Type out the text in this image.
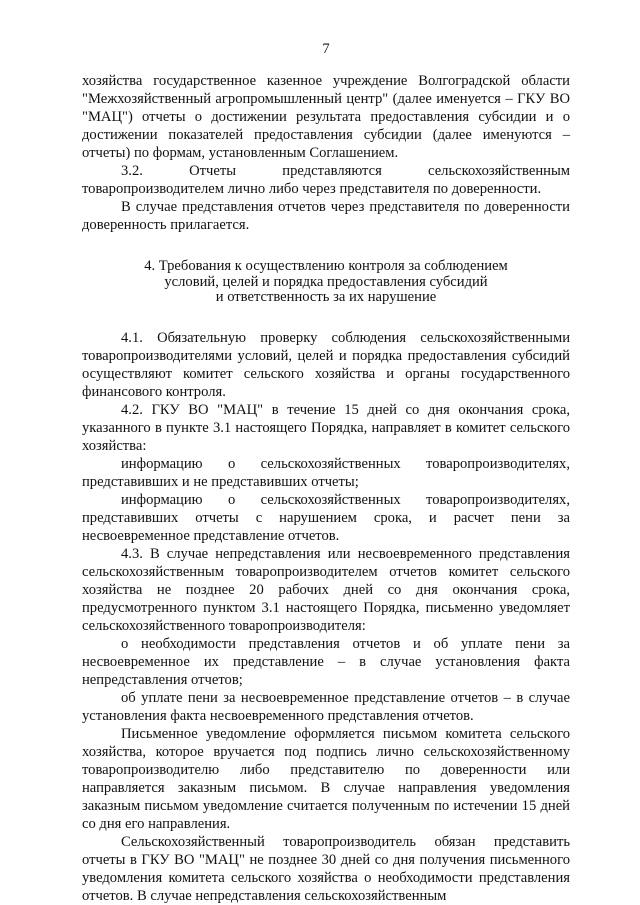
7

хозяйства государственное казенное учреждение Волгоградской области "Межхозяйственный агропромышленный центр" (далее именуется – ГКУ ВО "МАЦ") отчеты о достижении результата предоставления субсидии и о достижении показателей предоставления субсидии (далее именуются – отчеты) по формам, установленным Соглашением.

3.2. Отчеты представляются сельскохозяйственным товаропроизводителем лично либо через представителя по доверенности.

В случае представления отчетов через представителя по доверенности доверенность прилагается.

4. Требования к осуществлению контроля за соблюдением
условий, целей и порядка предоставления субсидий
и ответственность за их нарушение

4.1. Обязательную проверку соблюдения сельскохозяйственными товаропроизводителями условий, целей и порядка предоставления субсидий осуществляют комитет сельского хозяйства и органы государственного финансового контроля.

4.2. ГКУ ВО "МАЦ" в течение 15 дней со дня окончания срока, указанного в пункте 3.1 настоящего Порядка, направляет в комитет сельского хозяйства:

информацию о сельскохозяйственных товаропроизводителях, представивших и не представивших отчеты;

информацию о сельскохозяйственных товаропроизводителях, представивших отчеты с нарушением срока, и расчет пени за несвоевременное представление отчетов.

4.3. В случае непредставления или несвоевременного представления сельскохозяйственным товаропроизводителем отчетов комитет сельского хозяйства не позднее 20 рабочих дней со дня окончания срока, предусмотренного пунктом 3.1 настоящего Порядка, письменно уведомляет сельскохозяйственного товаропроизводителя:

о необходимости представления отчетов и об уплате пени за несвоевременное их представление – в случае установления факта непредставления отчетов;

об уплате пени за несвоевременное представление отчетов – в случае установления факта несвоевременного представления отчетов.

Письменное уведомление оформляется письмом комитета сельского хозяйства, которое вручается под подпись лично сельскохозяйственному товаропроизводителю либо представителю по доверенности или направляется заказным письмом. В случае направления уведомления заказным письмом уведомление считается полученным по истечении 15 дней со дня его направления.

Сельскохозяйственный товаропроизводитель обязан представить отчеты в ГКУ ВО "МАЦ" не позднее 30 дней со дня получения письменного уведомления комитета сельского хозяйства о необходимости представления отчетов. В случае непредставления сельскохозяйственным
